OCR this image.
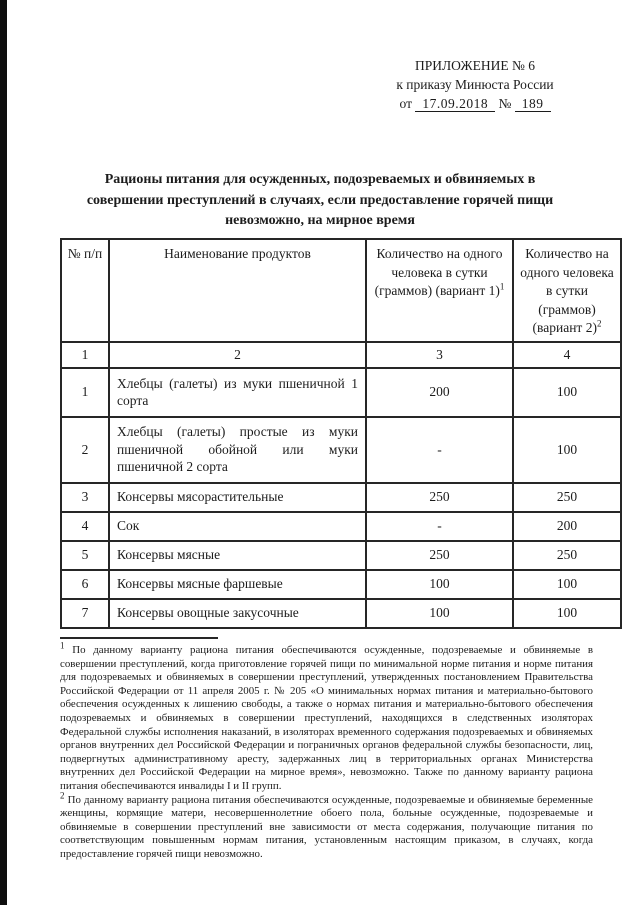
ПРИЛОЖЕНИЕ № 6
к приказу Минюста России
от 17.09.2018 № 189
Рационы питания для осужденных, подозреваемых и обвиняемых в совершении преступлений в случаях, если предоставление горячей пищи невозможно, на мирное время
№ п/п	Наименование продуктов	Количество на одного человека в сутки (граммов) (вариант 1)$^1$	Количество на одного человека в сутки (граммов) (вариант 2)$^2$
1	2	3	4
1	Хлебцы (галеты) из муки пшеничной 1 сорта	200	100
2	Хлебцы (галеты) простые из муки пшеничной обойной или муки пшеничной 2 сорта	-	100
3	Консервы мясорастительные	250	250
4	Сок	-	200
5	Консервы мясные	250	250
6	Консервы мясные фаршевые	100	100
7	Консервы овощные закусочные	100	100

$^1$ По данному варианту рациона питания обеспечиваются осужденные, подозреваемые и обвиняемые в совершении преступлений, когда приготовление горячей пищи по минимальной норме питания и норме питания для подозреваемых и обвиняемых в совершении преступлений, утвержденных постановлением Правительства Российской Федерации от 11 апреля 2005 г. № 205 «О минимальных нормах питания и материально-бытового обеспечения осужденных к лишению свободы, а также о нормах питания и материально-бытового обеспечения подозреваемых и обвиняемых в совершении преступлений, находящихся в следственных изоляторах Федеральной службы исполнения наказаний, в изоляторах временного содержания подозреваемых и обвиняемых органов внутренних дел Российской Федерации и пограничных органов федеральной службы безопасности, лиц, подвергнутых административному аресту, задержанных лиц в территориальных органах Министерства внутренних дел Российской Федерации на мирное время», невозможно. Также по данному варианту рациона питания обеспечиваются инвалиды I и II групп.

$^2$ По данному варианту рациона питания обеспечиваются осужденные, подозреваемые и обвиняемые беременные женщины, кормящие матери, несовершеннолетние обоего пола, больные осужденные, подозреваемые и обвиняемые в совершении преступлений вне зависимости от места содержания, получающие питания по соответствующим повышенным нормам питания, установленным настоящим приказом, в случаях, когда предоставление горячей пищи невозможно.
